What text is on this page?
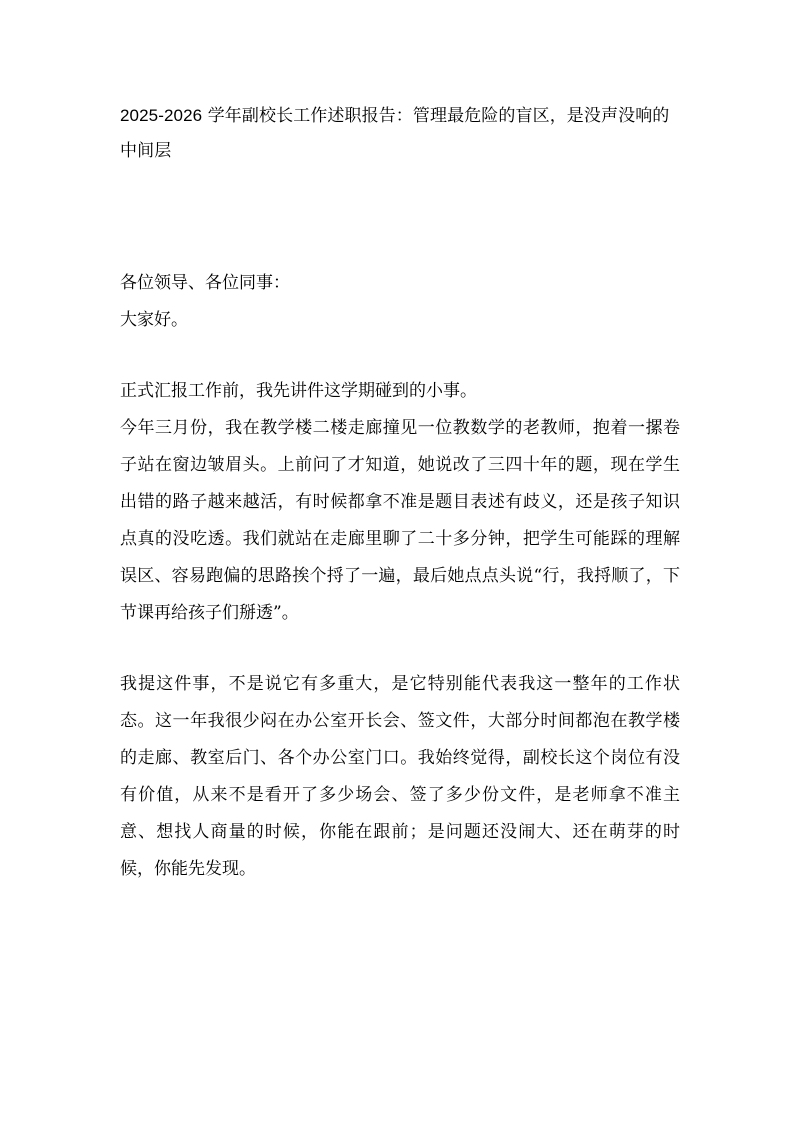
2025-2026 学年副校长工作述职报告：管理最危险的盲区，是没声没响的中间层

各位领导、各位同事：

大家好。

正式汇报工作前，我先讲件这学期碰到的小事。

今年三月份，我在教学楼二楼走廊撞见一位教数学的老教师，抱着一摞卷子站在窗边皱眉头。上前问了才知道，她说改了三四十年的题，现在学生出错的路子越来越活，有时候都拿不准是题目表述有歧义，还是孩子知识点真的没吃透。我们就站在走廊里聊了二十多分钟，把学生可能踩的理解误区、容易跑偏的思路挨个捋了一遍，最后她点点头说“行，我捋顺了，下节课再给孩子们掰透”。

我提这件事，不是说它有多重大，是它特别能代表我这一整年的工作状态。这一年我很少闷在办公室开长会、签文件，大部分时间都泡在教学楼的走廊、教室后门、各个办公室门口。我始终觉得，副校长这个岗位有没有价值，从来不是看开了多少场会、签了多少份文件，是老师拿不准主意、想找人商量的时候，你能在跟前；是问题还没闹大、还在萌芽的时候，你能先发现。
